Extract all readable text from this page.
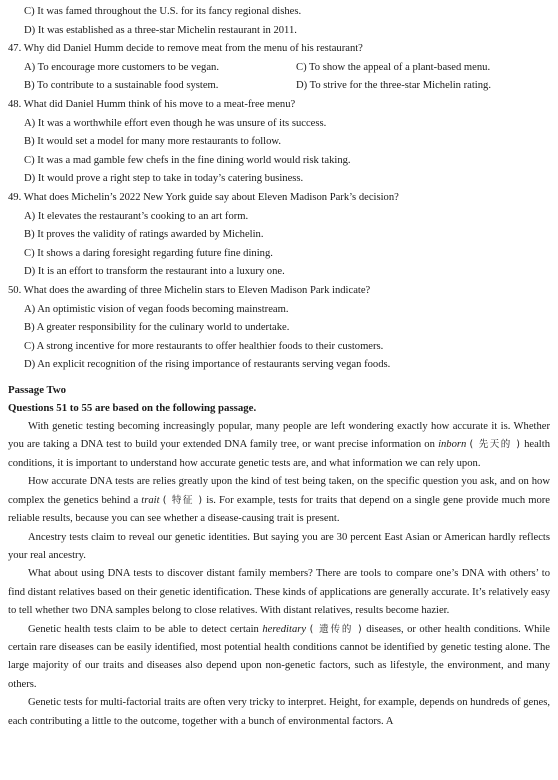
C) It was famed throughout the U.S. for its fancy regional dishes.
D) It was established as a three-star Michelin restaurant in 2011.
47. Why did Daniel Humm decide to remove meat from the menu of his restaurant?
A) To encourage more customers to be vegan.	C) To show the appeal of a plant-based menu.
B) To contribute to a sustainable food system.	D) To strive for the three-star Michelin rating.
48. What did Daniel Humm think of his move to a meat-free menu?
A) It was a worthwhile effort even though he was unsure of its success.
B) It would set a model for many more restaurants to follow.
C) It was a mad gamble few chefs in the fine dining world would risk taking.
D) It would prove a right step to take in today’s catering business.
49. What does Michelin’s 2022 New York guide say about Eleven Madison Park’s decision?
A) It elevates the restaurant’s cooking to an art form.
B) It proves the validity of ratings awarded by Michelin.
C) It shows a daring foresight regarding future fine dining.
D) It is an effort to transform the restaurant into a luxury one.
50. What does the awarding of three Michelin stars to Eleven Madison Park indicate?
A) An optimistic vision of vegan foods becoming mainstream.
B) A greater responsibility for the culinary world to undertake.
C) A strong incentive for more restaurants to offer healthier foods to their customers.
D) An explicit recognition of the rising importance of restaurants serving vegan foods.
Passage Two
Questions 51 to 55 are based on the following passage.

With genetic testing becoming increasingly popular, many people are left wondering exactly how accurate it is. Whether you are taking a DNA test to build your extended DNA family tree, or want precise information on inborn ( 先天的 ) health conditions, it is important to understand how accurate genetic tests are, and what information we can rely upon.

How accurate DNA tests are relies greatly upon the kind of test being taken, on the specific question you ask, and on how complex the genetics behind a trait ( 特征 ) is. For example, tests for traits that depend on a single gene provide much more reliable results, because you can see whether a disease-causing trait is present.

Ancestry tests claim to reveal our genetic identities. But saying you are 30 percent East Asian or American hardly reflects your real ancestry.

What about using DNA tests to discover distant family members? There are tools to compare one’s DNA with others’ to find distant relatives based on their genetic identification. These kinds of applications are generally accurate. It’s relatively easy to tell whether two DNA samples belong to close relatives. With distant relatives, results become hazier.

Genetic health tests claim to be able to detect certain hereditary ( 遗传的 ) diseases, or other health conditions. While certain rare diseases can be easily identified, most potential health conditions cannot be identified by genetic testing alone. The large majority of our traits and diseases also depend upon non-genetic factors, such as lifestyle, the environment, and many others.

Genetic tests for multi-factorial traits are often very tricky to interpret. Height, for example, depends on hundreds of genes, each contributing a little to the outcome, together with a bunch of environmental factors. A
